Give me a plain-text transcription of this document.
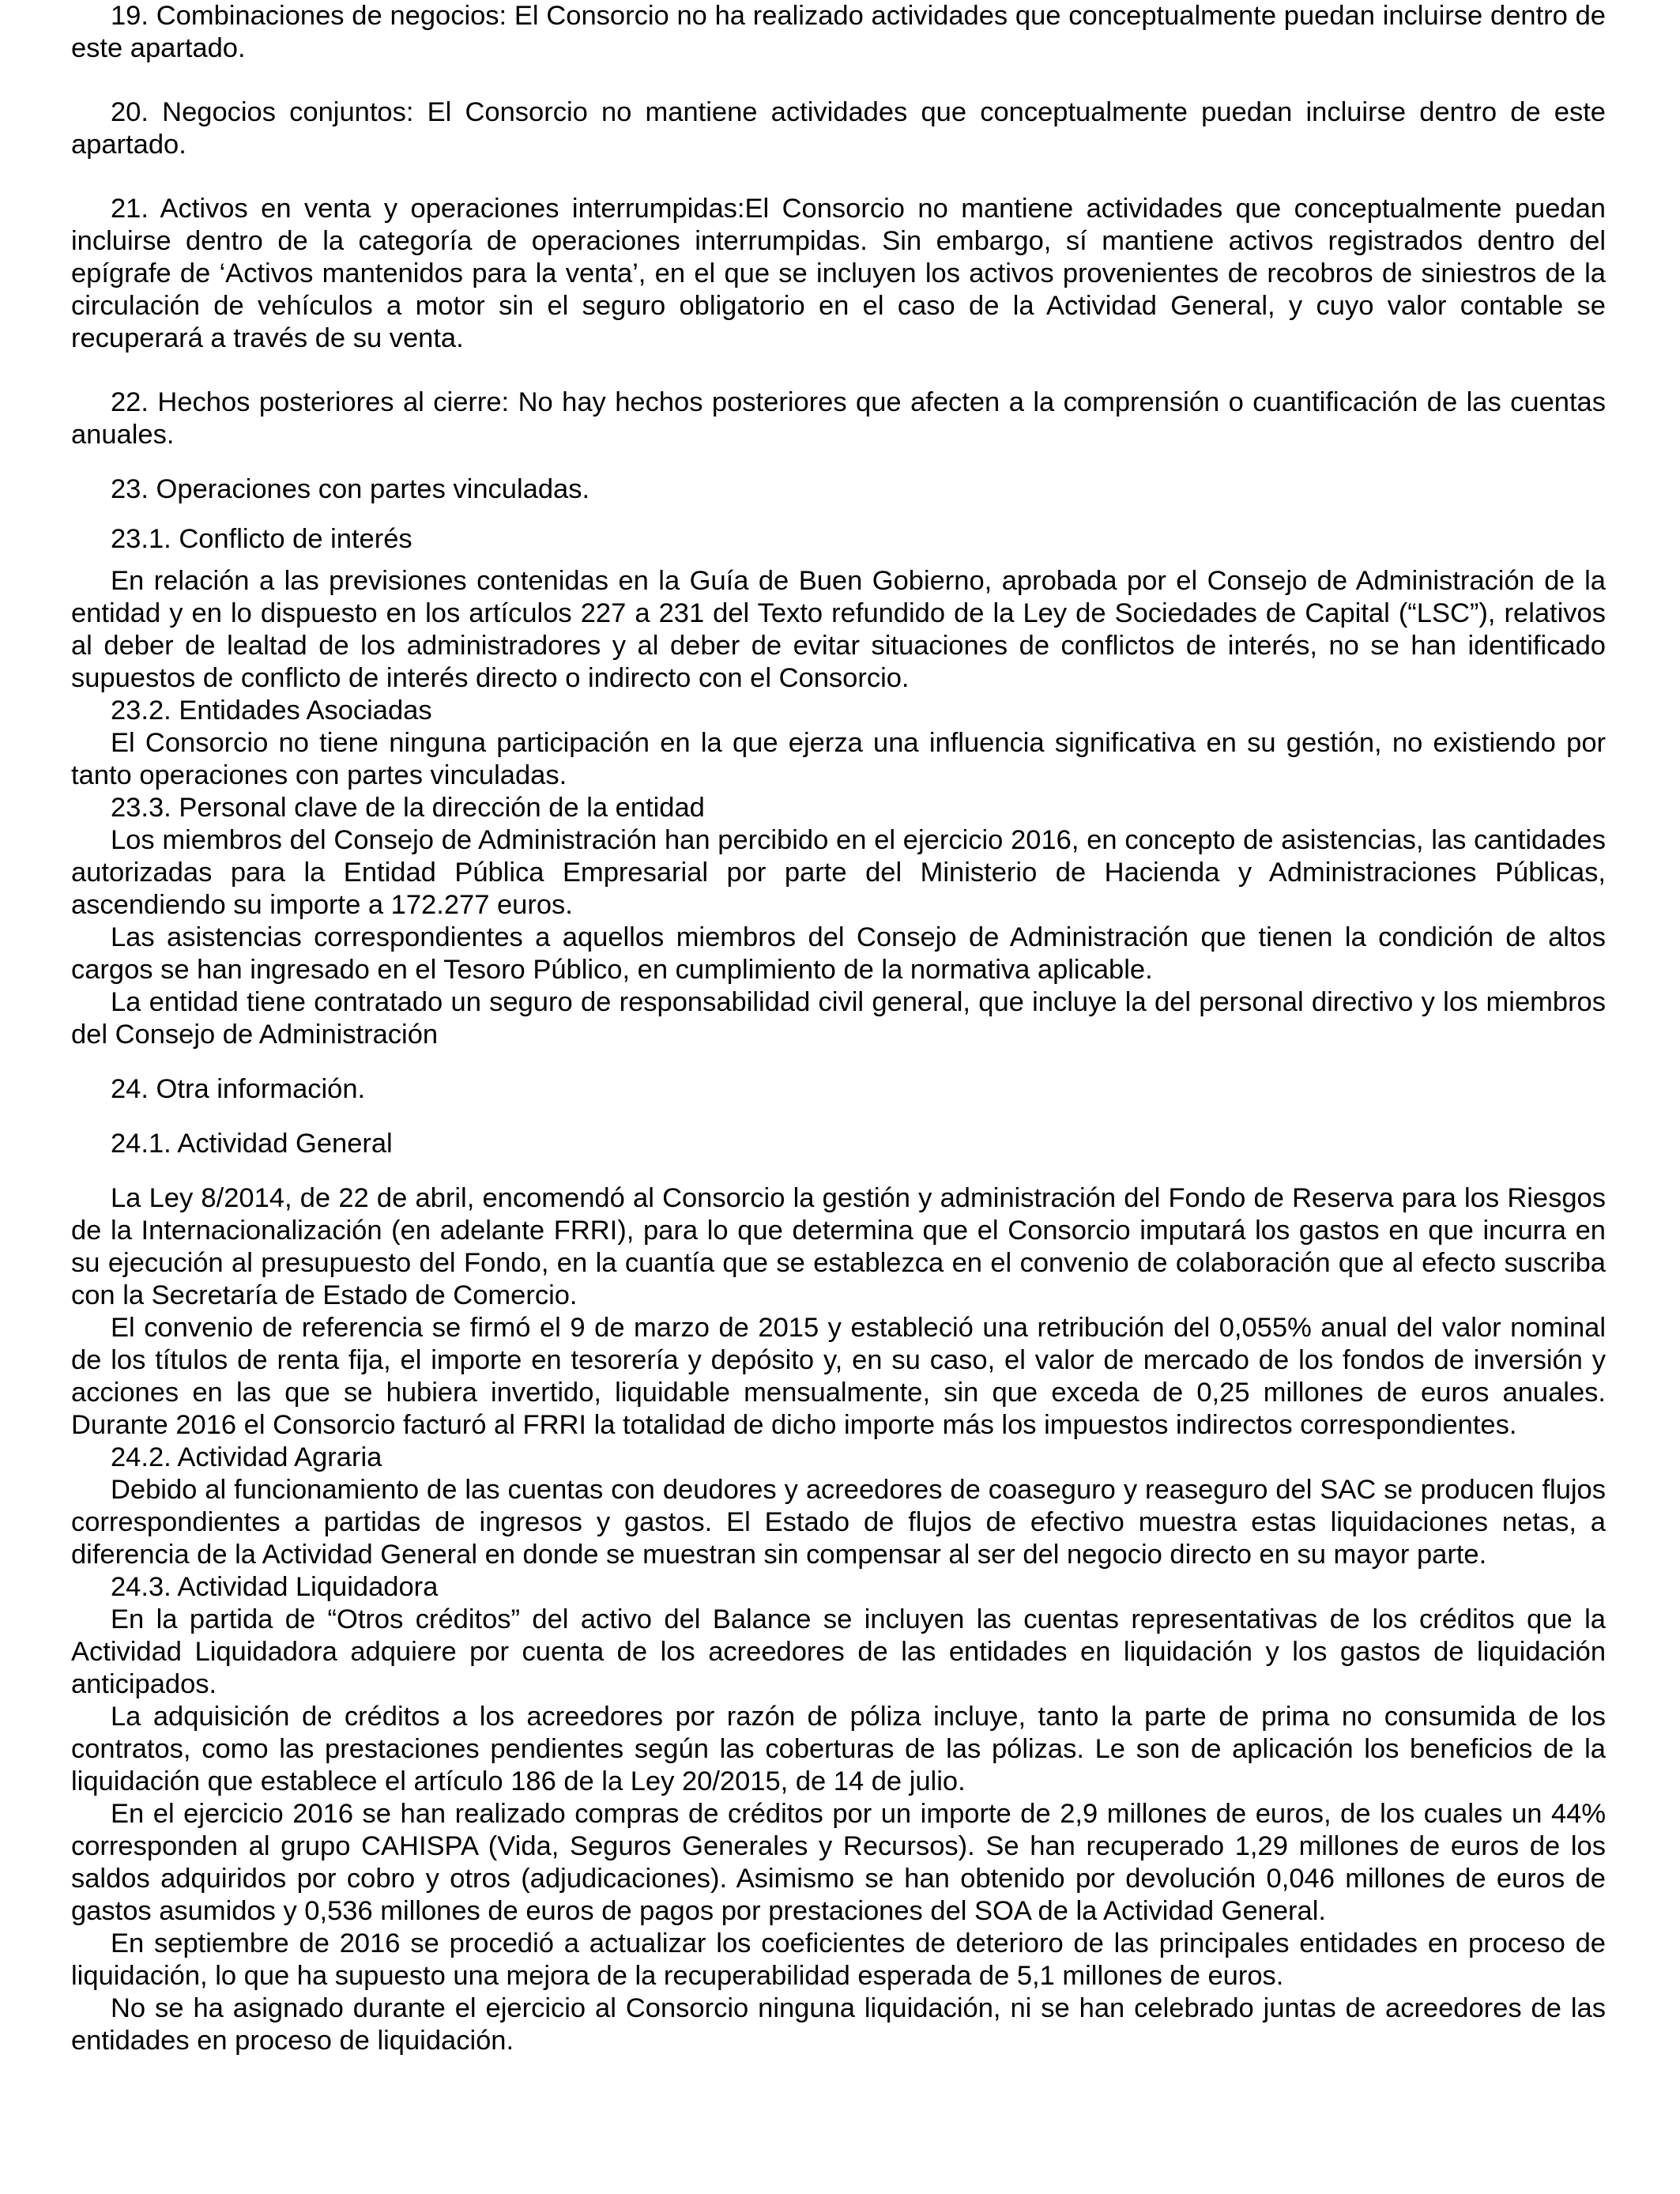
19. Combinaciones de negocios: El Consorcio no ha realizado actividades que conceptualmente puedan incluirse dentro de este apartado.

20. Negocios conjuntos: El Consorcio no mantiene actividades que conceptualmente puedan incluirse dentro de este apartado.

21. Activos en venta y operaciones interrumpidas:El Consorcio no mantiene actividades que conceptualmente puedan incluirse dentro de la categoría de operaciones interrumpidas. Sin embargo, sí mantiene activos registrados dentro del epígrafe de ‘Activos mantenidos para la venta’, en el que se incluyen los activos provenientes de recobros de siniestros de la circulación de vehículos a motor sin el seguro obligatorio en el caso de la Actividad General, y cuyo valor contable se recuperará a través de su venta.

22. Hechos posteriores al cierre: No hay hechos posteriores que afecten a la comprensión o cuantificación de las cuentas anuales.

23. Operaciones con partes vinculadas.

23.1. Conflicto de interés

En relación a las previsiones contenidas en la Guía de Buen Gobierno, aprobada por el Consejo de Administración de la entidad y en lo dispuesto en los artículos 227 a 231 del Texto refundido de la Ley de Sociedades de Capital (“LSC”), relativos al deber de lealtad de los administradores y al deber de evitar situaciones de conflictos de interés, no se han identificado supuestos de conflicto de interés directo o indirecto con el Consorcio.

23.2. Entidades Asociadas

El Consorcio no tiene ninguna participación en la que ejerza una influencia significativa en su gestión, no existiendo por tanto operaciones con partes vinculadas.

23.3. Personal clave de la dirección de la entidad

Los miembros del Consejo de Administración han percibido en el ejercicio 2016, en concepto de asistencias, las cantidades autorizadas para la Entidad Pública Empresarial por parte del Ministerio de Hacienda y Administraciones Públicas, ascendiendo su importe a 172.277 euros.

Las asistencias correspondientes a aquellos miembros del Consejo de Administración que tienen la condición de altos cargos se han ingresado en el Tesoro Público, en cumplimiento de la normativa aplicable.

La entidad tiene contratado un seguro de responsabilidad civil general, que incluye la del personal directivo y los miembros del Consejo de Administración

24. Otra información.

24.1. Actividad General

La Ley 8/2014, de 22 de abril, encomendó al Consorcio la gestión y administración del Fondo de Reserva para los Riesgos de la Internacionalización (en adelante FRRI), para lo que determina que el Consorcio imputará los gastos en que incurra en su ejecución al presupuesto del Fondo, en la cuantía que se establezca en el convenio de colaboración que al efecto suscriba con la Secretaría de Estado de Comercio.

El convenio de referencia se firmó el 9 de marzo de 2015 y estableció una retribución del 0,055% anual del valor nominal de los títulos de renta fija, el importe en tesorería y depósito y, en su caso, el valor de mercado de los fondos de inversión y acciones en las que se hubiera invertido, liquidable mensualmente, sin que exceda de 0,25 millones de euros anuales. Durante 2016 el Consorcio facturó al FRRI la totalidad de dicho importe más los impuestos indirectos correspondientes.

24.2. Actividad Agraria

Debido al funcionamiento de las cuentas con deudores y acreedores de coaseguro y reaseguro del SAC se producen flujos correspondientes a partidas de ingresos y gastos. El Estado de flujos de efectivo muestra estas liquidaciones netas, a diferencia de la Actividad General en donde se muestran sin compensar al ser del negocio directo en su mayor parte.

24.3. Actividad Liquidadora

En la partida de “Otros créditos” del activo del Balance se incluyen las cuentas representativas de los créditos que la Actividad Liquidadora adquiere por cuenta de los acreedores de las entidades en liquidación y los gastos de liquidación anticipados.

La adquisición de créditos a los acreedores por razón de póliza incluye, tanto la parte de prima no consumida de los contratos, como las prestaciones pendientes según las coberturas de las pólizas. Le son de aplicación los beneficios de la liquidación que establece el artículo 186 de la Ley 20/2015, de 14 de julio.

En el ejercicio 2016 se han realizado compras de créditos por un importe de 2,9 millones de euros, de los cuales un 44% corresponden al grupo CAHISPA (Vida, Seguros Generales y Recursos). Se han recuperado 1,29 millones de euros de los saldos adquiridos por cobro y otros (adjudicaciones). Asimismo se han obtenido por devolución 0,046 millones de euros de gastos asumidos y 0,536 millones de euros de pagos por prestaciones del SOA de la Actividad General.

En septiembre de 2016 se procedió a actualizar los coeficientes de deterioro de las principales entidades en proceso de liquidación, lo que ha supuesto una mejora de la recuperabilidad esperada de 5,1 millones de euros.

No se ha asignado durante el ejercicio al Consorcio ninguna liquidación, ni se han celebrado juntas de acreedores de las entidades en proceso de liquidación.
